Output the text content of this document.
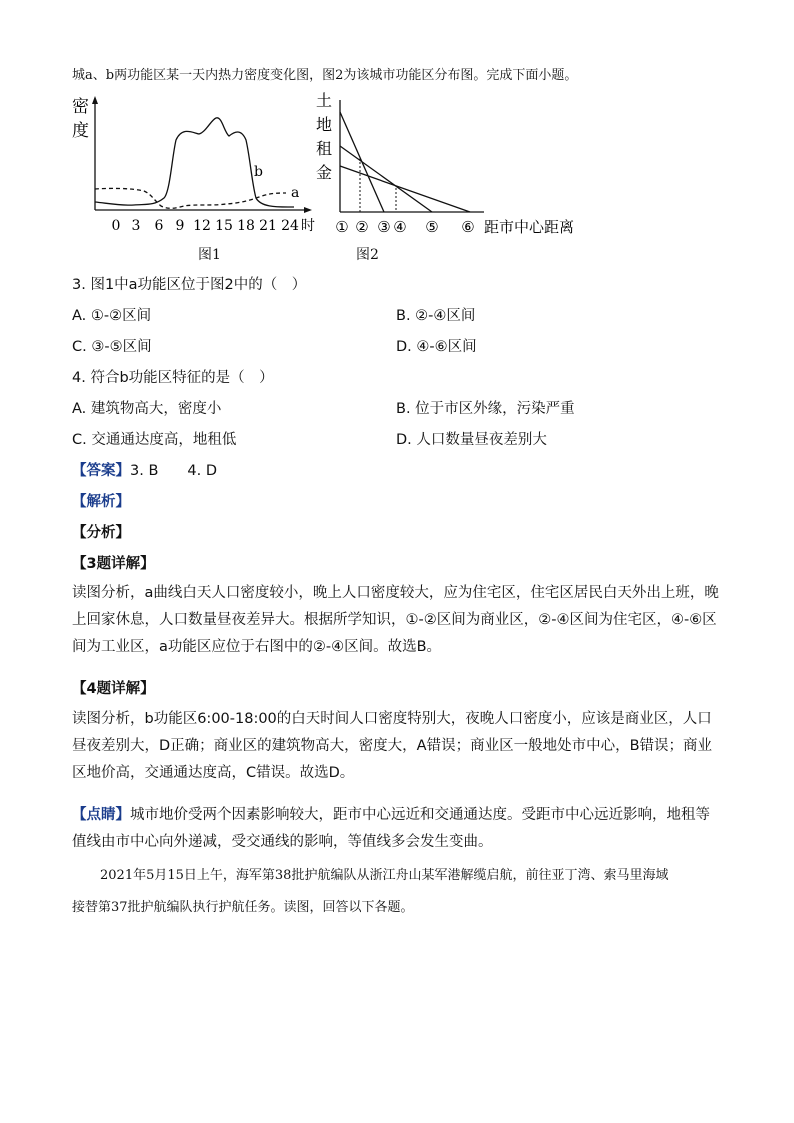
城a、b两功能区某一天内热力密度变化图，图2为该城市功能区分布图。完成下面小题。
密
度
b
a
0 3 6 9 12 15 18 21 24 时
图1
土
地
租
金
① ② ③ ④ ⑤ ⑥ 距市中心距离
图2
3. 图1中a功能区位于图2中的（　）
A. ①-②区间	B. ②-④区间
C. ③-⑤区间	D. ④-⑥区间
4. 符合b功能区特征的是（　）
A. 建筑物高大，密度小	B. 位于市区外缘，污染严重
C. 交通通达度高，地租低	D. 人口数量昼夜差别大
【答案】3. B　　4. D
【解析】
【分析】
【3题详解】
读图分析，a曲线白天人口密度较小，晚上人口密度较大，应为住宅区，住宅区居民白天外出上班，晚上回家休息，人口数量昼夜差异大。根据所学知识，①-②区间为商业区，②-④区间为住宅区，④-⑥区间为工业区，a功能区应位于右图中的②-④区间。故选B。
【4题详解】
读图分析，b功能区6:00-18:00的白天时间人口密度特别大，夜晚人口密度小，应该是商业区，人口昼夜差别大，D正确；商业区的建筑物高大，密度大，A错误；商业区一般地处市中心，B错误；商业区地价高，交通通达度高，C错误。故选D。
【点睛】城市地价受两个因素影响较大，距市中心远近和交通通达度。受距市中心远近影响，地租等值线由市中心向外递减，受交通线的影响，等值线多会发生变曲。
2021年5月15日上午，海军第38批护航编队从浙江舟山某军港解缆启航，前往亚丁湾、索马里海域
接替第37批护航编队执行护航任务。读图，回答以下各题。
